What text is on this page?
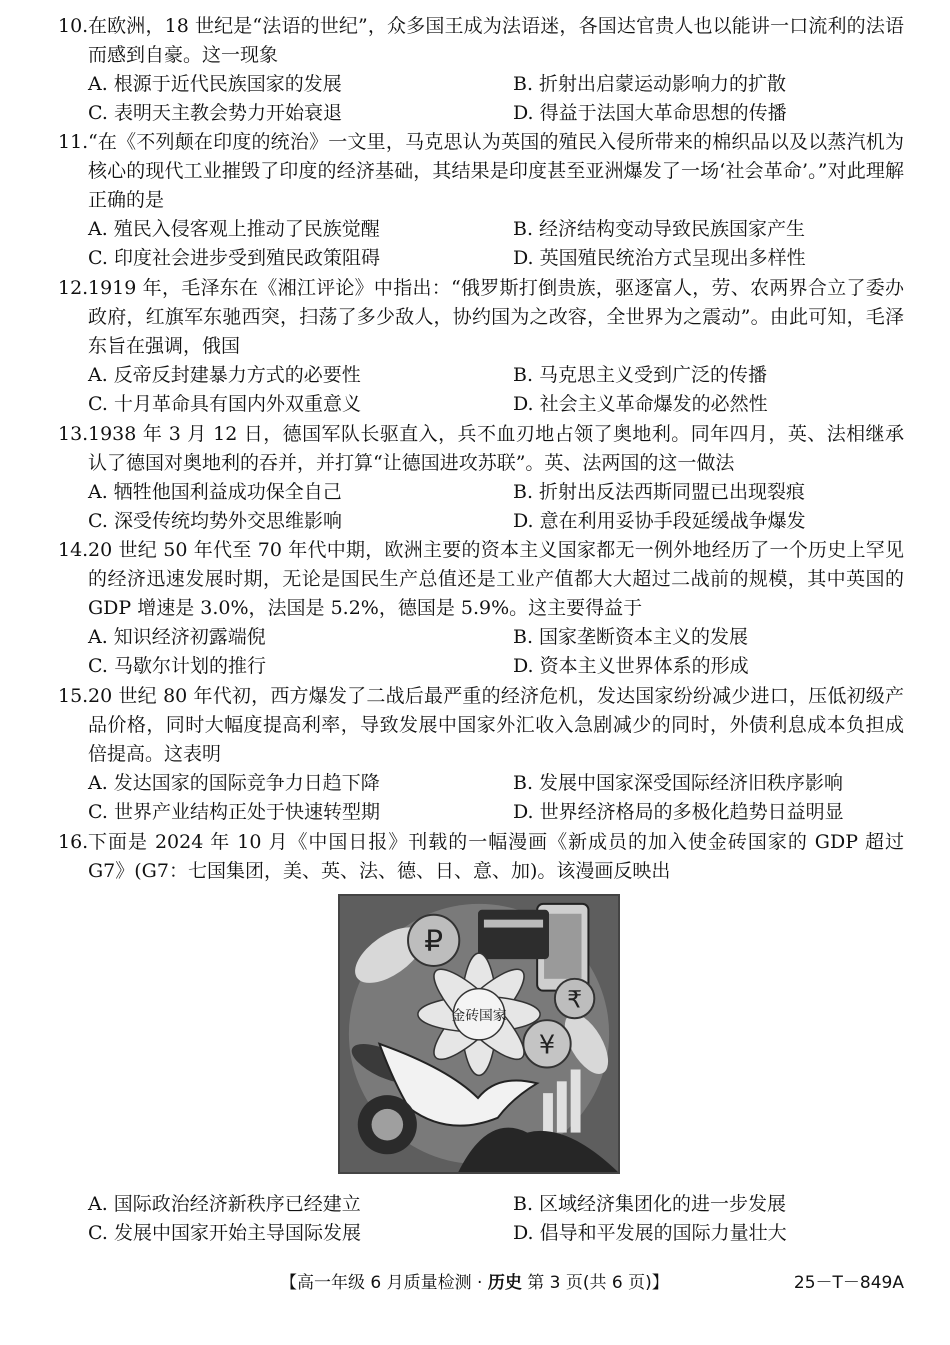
10. 在欧洲，18 世纪是“法语的世纪”，众多国王成为法语迷，各国达官贵人也以能讲一口流利的法语而感到自豪。这一现象
A. 根源于近代民族国家的发展	B. 折射出启蒙运动影响力的扩散
C. 表明天主教会势力开始衰退	D. 得益于法国大革命思想的传播
11. “在《不列颠在印度的统治》一文里，马克思认为英国的殖民入侵所带来的棉织品以及以蒸汽机为核心的现代工业摧毁了印度的经济基础，其结果是印度甚至亚洲爆发了一场‘社会革命’。”对此理解正确的是
A. 殖民入侵客观上推动了民族觉醒	B. 经济结构变动导致民族国家产生
C. 印度社会进步受到殖民政策阻碍	D. 英国殖民统治方式呈现出多样性
12. 1919 年，毛泽东在《湘江评论》中指出：“俄罗斯打倒贵族，驱逐富人，劳、农两界合立了委办政府，红旗军东驰西突，扫荡了多少敌人，协约国为之改容，全世界为之震动”。由此可知，毛泽东旨在强调，俄国
A. 反帝反封建暴力方式的必要性	B. 马克思主义受到广泛的传播
C. 十月革命具有国内外双重意义	D. 社会主义革命爆发的必然性
13. 1938 年 3 月 12 日，德国军队长驱直入，兵不血刃地占领了奥地利。同年四月，英、法相继承认了德国对奥地利的吞并，并打算“让德国进攻苏联”。英、法两国的这一做法
A. 牺牲他国利益成功保全自己	B. 折射出反法西斯同盟已出现裂痕
C. 深受传统均势外交思维影响	D. 意在利用妥协手段延缓战争爆发
14. 20 世纪 50 年代至 70 年代中期，欧洲主要的资本主义国家都无一例外地经历了一个历史上罕见的经济迅速发展时期，无论是国民生产总值还是工业产值都大大超过二战前的规模，其中英国的 GDP 增速是 3.0%，法国是 5.2%，德国是 5.9%。这主要得益于
A. 知识经济初露端倪	B. 国家垄断资本主义的发展
C. 马歇尔计划的推行	D. 资本主义世界体系的形成
15. 20 世纪 80 年代初，西方爆发了二战后最严重的经济危机，发达国家纷纷减少进口，压低初级产品价格，同时大幅度提高利率，导致发展中国家外汇收入急剧减少的同时，外债利息成本负担成倍提高。这表明
A. 发达国家的国际竞争力日趋下降	B. 发展中国家深受国际经济旧秩序影响
C. 世界产业结构正处于快速转型期	D. 世界经济格局的多极化趋势日益明显
16. 下面是 2024 年 10 月《中国日报》刊载的一幅漫画《新成员的加入使金砖国家的 GDP 超过 G7》(G7：七国集团，美、英、法、德、日、意、加)。该漫画反映出
₽
₹
¥
金砖国家
A. 国际政治经济新秩序已经建立	B. 区域经济集团化的进一步发展
C. 发展中国家开始主导国际发展	D. 倡导和平发展的国际力量壮大
【高一年级 6 月质量检测 · 历史 第 3 页(共 6 页)】	25－T－849A
